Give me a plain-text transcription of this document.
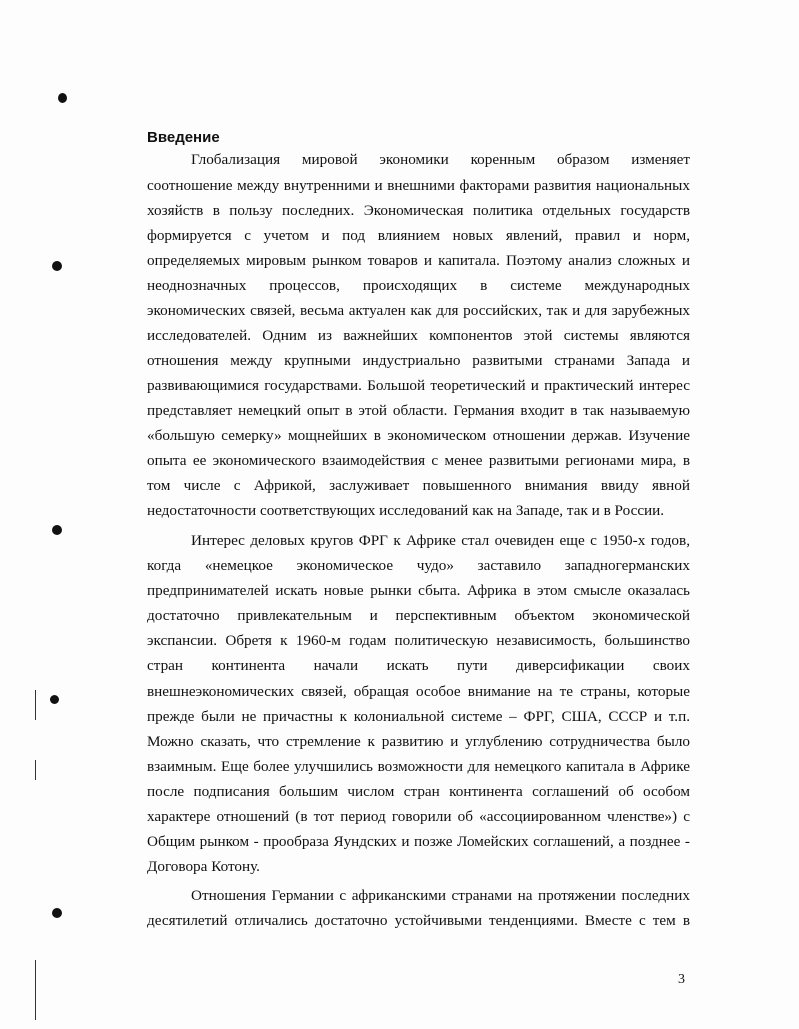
Введение
Глобализация мировой экономики коренным образом изменяет
соотношение между внутренними и внешними факторами развития национальных
хозяйств в пользу последних. Экономическая политика отдельных государств
формируется с учетом и под влиянием новых явлений, правил и норм,
определяемых мировым рынком товаров и капитала. Поэтому анализ сложных и
неоднозначных процессов, происходящих в системе международных
экономических связей, весьма актуален как для российских, так и для зарубежных
исследователей. Одним из важнейших компонентов этой системы являются
отношения между крупными индустриально развитыми странами Запада и
развивающимися государствами. Большой теоретический и практический интерес
представляет немецкий опыт в этой области. Германия входит в так называемую
«большую семерку» мощнейших в экономическом отношении держав. Изучение
опыта ее экономического взаимодействия с менее развитыми регионами мира, в
том числе с Африкой, заслуживает повышенного внимания ввиду явной
недостаточности соответствующих исследований как на Западе, так и в России.
Интерес деловых кругов ФРГ к Африке стал очевиден еще с 1950-х годов,
когда «немецкое экономическое чудо» заставило западногерманских
предпринимателей искать новые рынки сбыта. Африка в этом смысле оказалась
достаточно привлекательным и перспективным объектом экономической
экспансии. Обретя к 1960-м годам политическую независимость, большинство
стран континента начали искать пути диверсификации своих
внешнеэкономических связей, обращая особое внимание на те страны, которые
прежде были не причастны к колониальной системе – ФРГ, США, СССР и т.п.
Можно сказать, что стремление к развитию и углублению сотрудничества было
взаимным. Еще более улучшились возможности для немецкого капитала в Африке
после подписания большим числом стран континента соглашений об особом
характере отношений (в тот период говорили об «ассоциированном членстве») с
Общим рынком - прообраза Яундских и позже Ломейских соглашений, а позднее -
Договора Котону.
Отношения Германии с африканскими странами на протяжении последних
десятилетий отличались достаточно устойчивыми тенденциями. Вместе с тем в
3
